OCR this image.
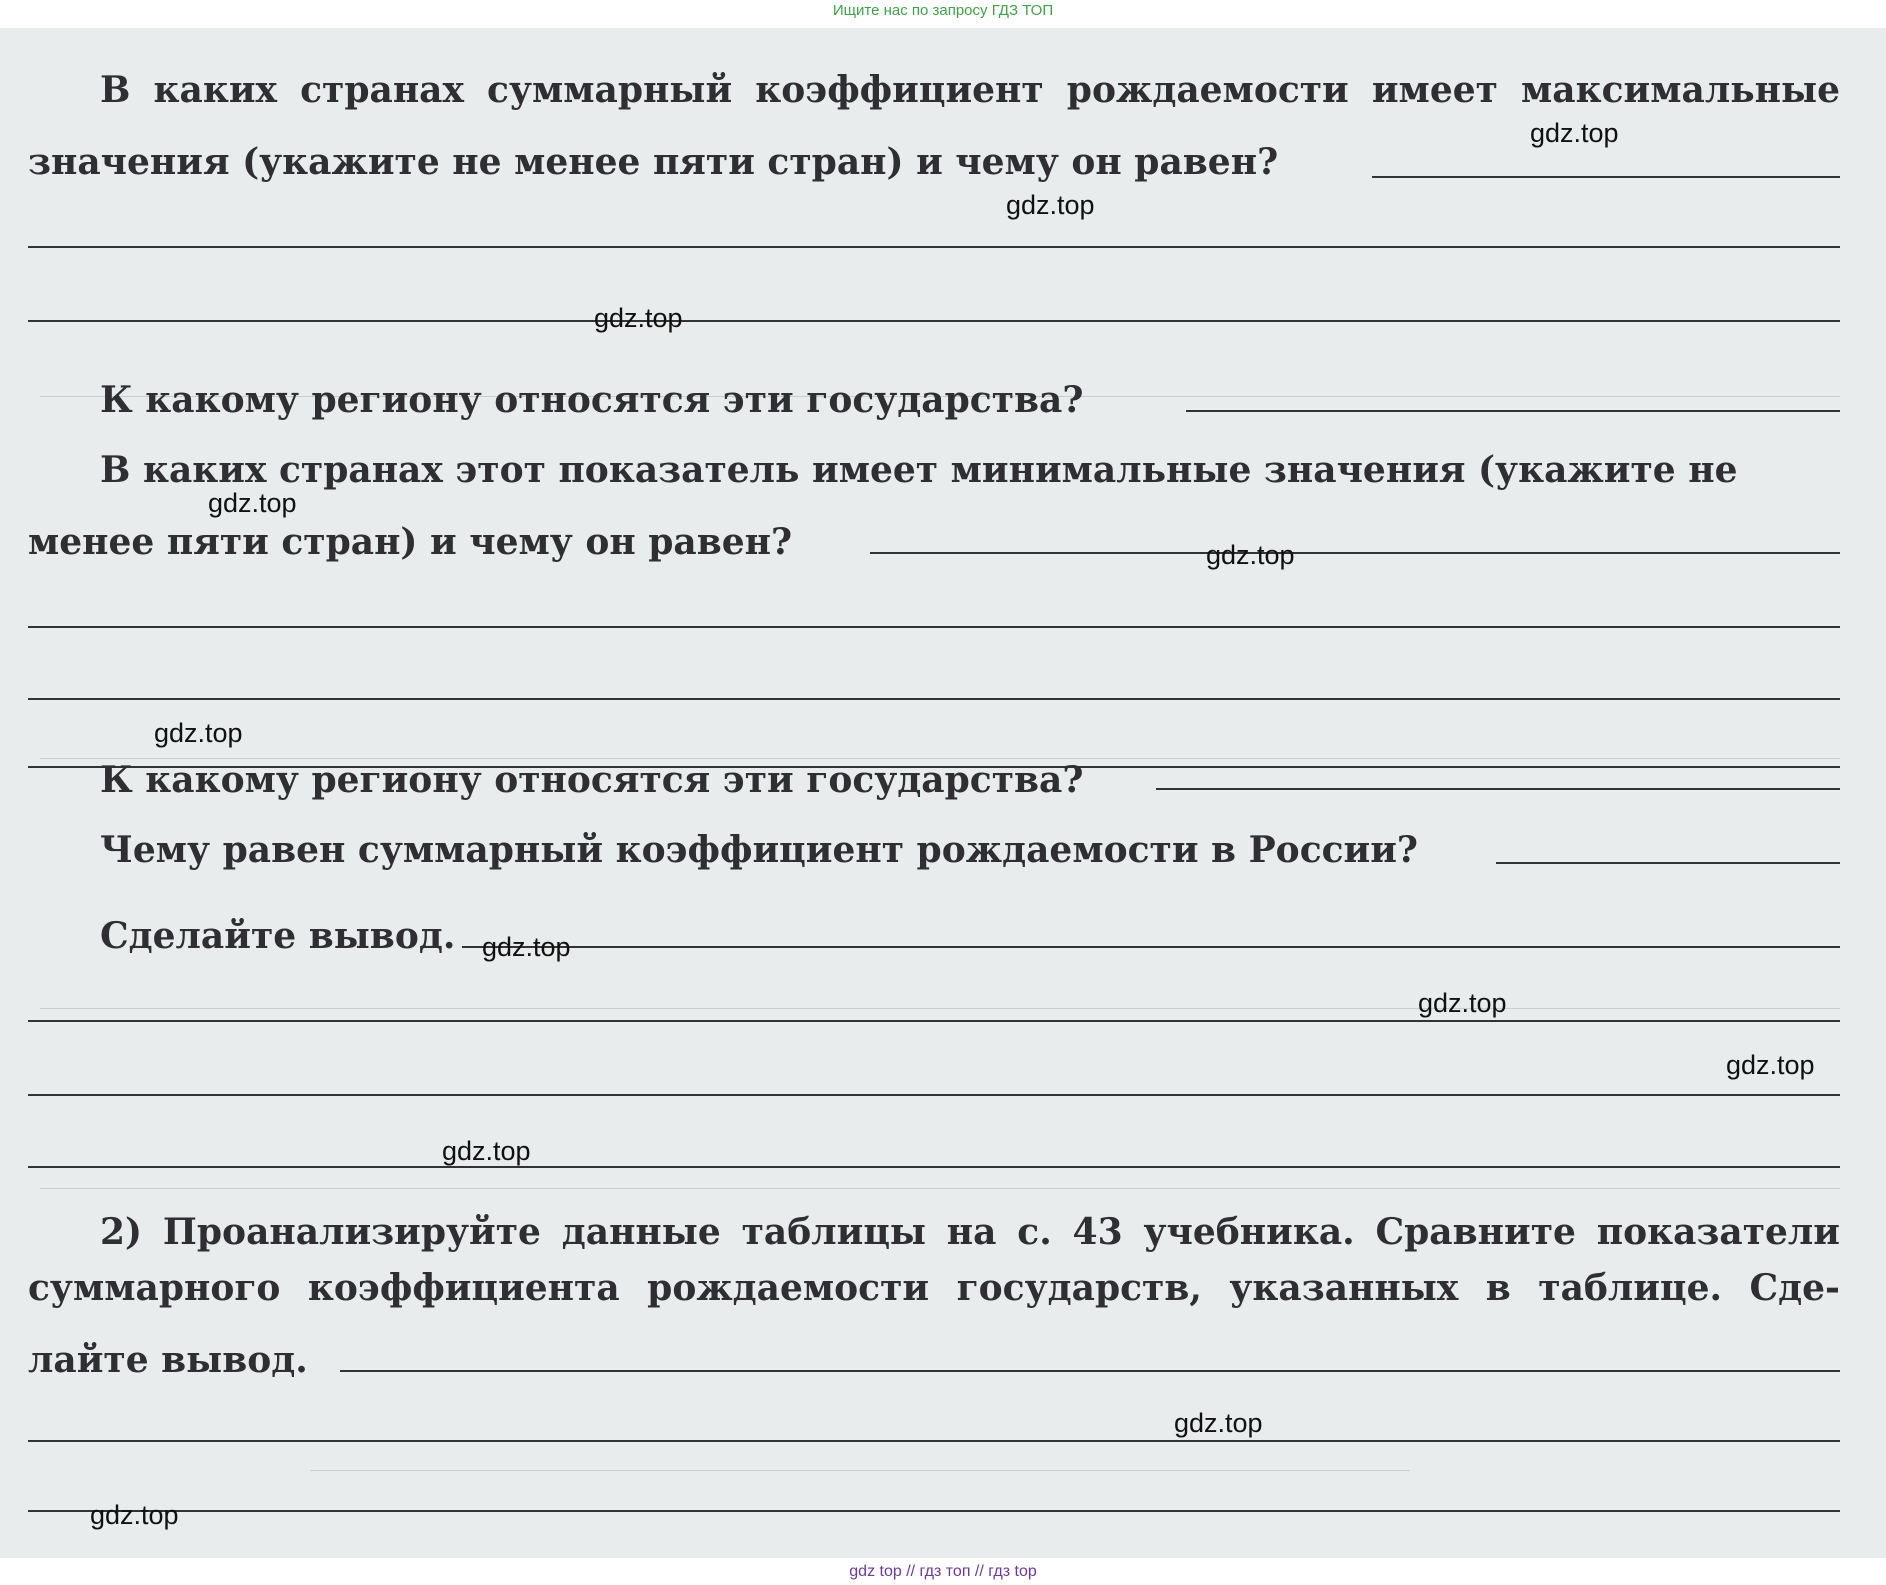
Ищите нас по запросу ГДЗ ТОП
В каких странах суммарный коэффициент рождаемости имеет максимальные
значения (укажите не менее пяти стран) и чему он равен?
К какому региону относятся эти государства?
В каких странах этот показатель имеет минимальные значения (укажите не
менее пяти стран) и чему он равен?
К какому региону относятся эти государства?
Чему равен суммарный коэффициент рождаемости в России?
Сделайте вывод.
2) Проанализируйте данные таблицы на с. 43 учебника. Сравните показатели
суммарного коэффициента рождаемости государств, указанных в таблице. Сде-
лайте вывод.
gdz.top
gdz.top
gdz.top
gdz.top
gdz.top
gdz.top
gdz.top
gdz.top
gdz.top
gdz.top
gdz.top
gdz.top
gdz top // гдз топ // гдз top
